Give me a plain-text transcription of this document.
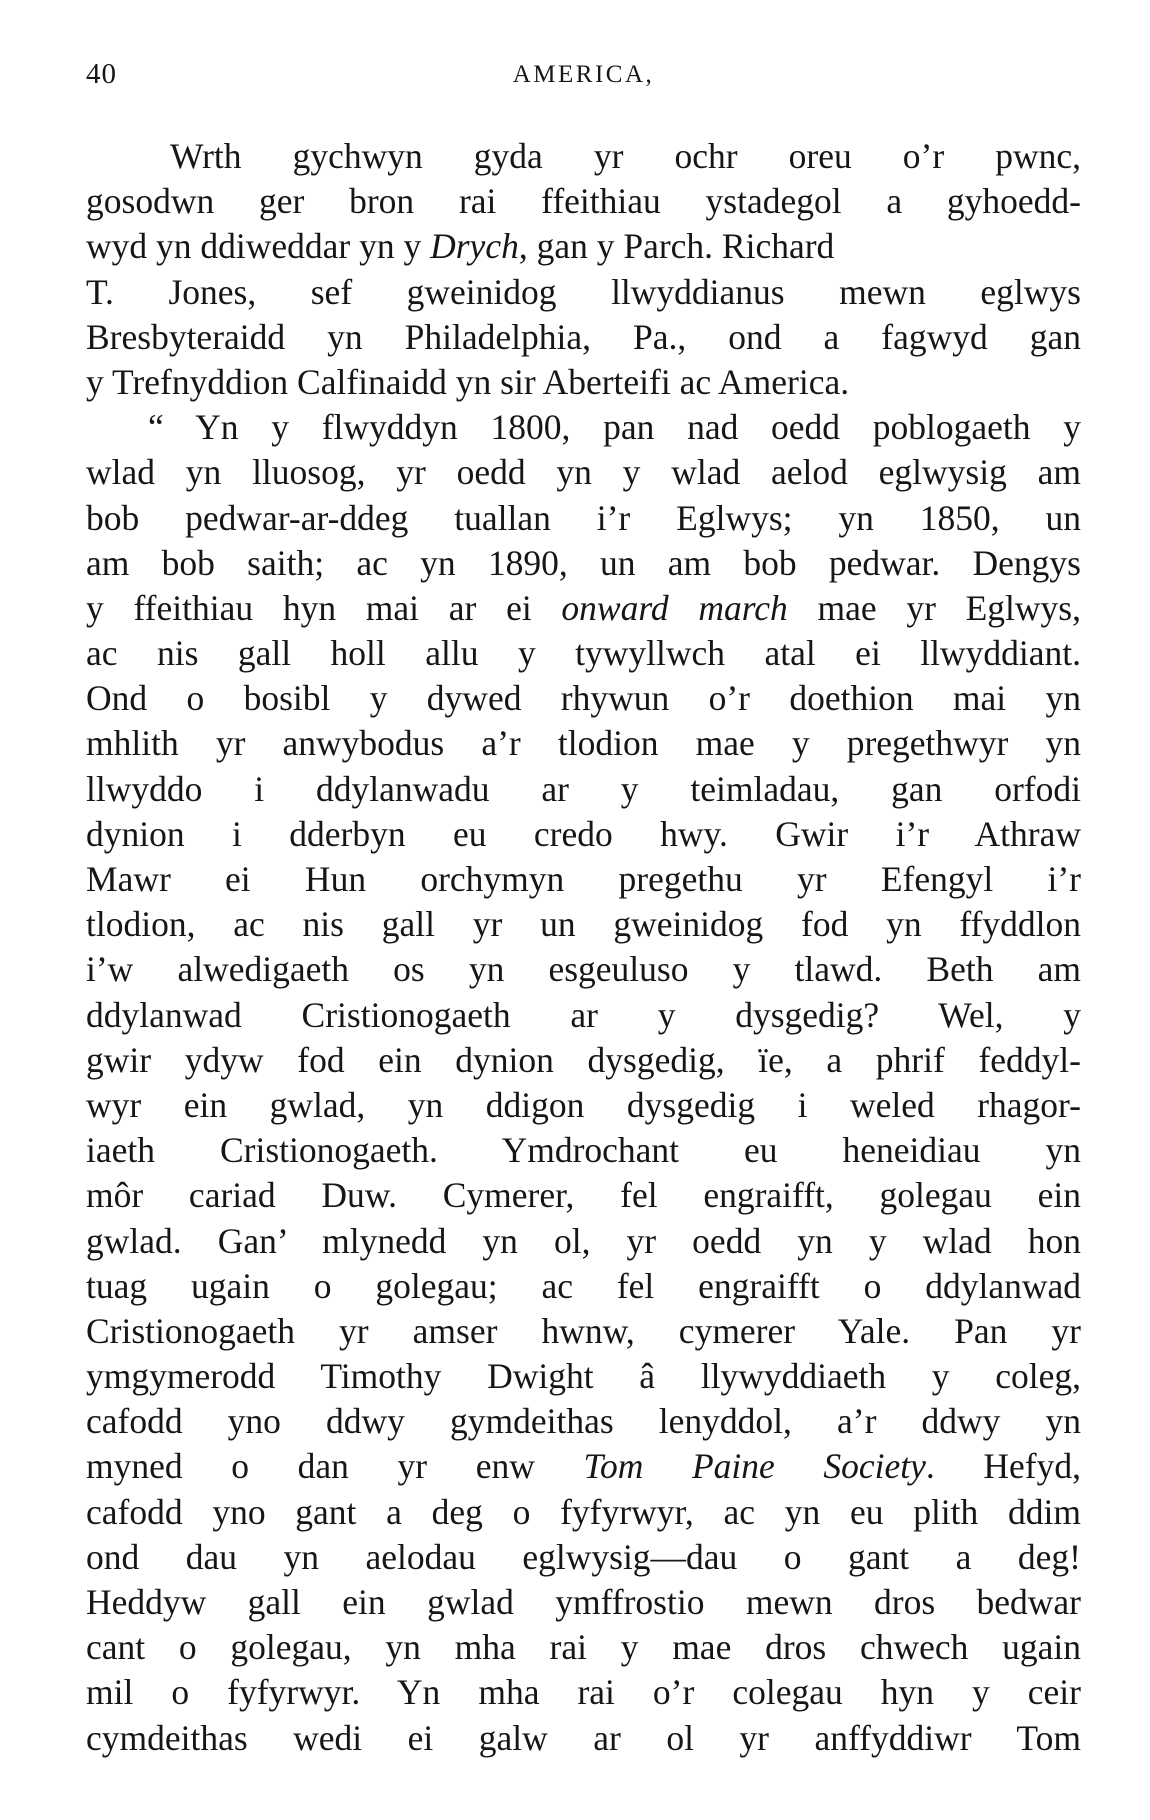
40	AMERICA,
Wrth gychwyn gyda yr ochr oreu o’r pwnc,
gosodwn ger bron rai ffeithiau ystadegol a gyhoedd-
wyd yn ddiweddar yn y Drych, gan y Parch. Richard
T. Jones, sef gweinidog llwyddianus mewn eglwys
Bresbyteraidd yn Philadelphia, Pa., ond a fagwyd gan
y Trefnyddion Calfinaidd yn sir Aberteifi ac America.
“ Yn y flwyddyn 1800, pan nad oedd poblogaeth y
wlad yn lluosog, yr oedd yn y wlad aelod eglwysig am
bob pedwar-ar-ddeg tuallan i’r Eglwys; yn 1850, un
am bob saith; ac yn 1890, un am bob pedwar. Dengys
y ffeithiau hyn mai ar ei onward march mae yr Eglwys,
ac nis gall holl allu y tywyllwch atal ei llwyddiant.
Ond o bosibl y dywed rhywun o’r doethion mai yn
mhlith yr anwybodus a’r tlodion mae y pregethwyr yn
llwyddo i ddylanwadu ar y teimladau, gan orfodi
dynion i dderbyn eu credo hwy. Gwir i’r Athraw
Mawr ei Hun orchymyn pregethu yr Efengyl i’r
tlodion, ac nis gall yr un gweinidog fod yn ffyddlon
i’w alwedigaeth os yn esgeuluso y tlawd. Beth am
ddylanwad Cristionogaeth ar y dysgedig? Wel, y
gwir ydyw fod ein dynion dysgedig, ïe, a phrif feddyl-
wyr ein gwlad, yn ddigon dysgedig i weled rhagor-
iaeth Cristionogaeth. Ymdrochant eu heneidiau yn
môr cariad Duw. Cymerer, fel engraifft, golegau ein
gwlad. Gan’ mlynedd yn ol, yr oedd yn y wlad hon
tuag ugain o golegau; ac fel engraifft o ddylanwad
Cristionogaeth yr amser hwnw, cymerer Yale. Pan yr
ymgymerodd Timothy Dwight â llywyddiaeth y coleg,
cafodd yno ddwy gymdeithas lenyddol, a’r ddwy yn
myned o dan yr enw Tom Paine Society. Hefyd,
cafodd yno gant a deg o fyfyrwyr, ac yn eu plith ddim
ond dau yn aelodau eglwysig—dau o gant a deg!
Heddyw gall ein gwlad ymffrostio mewn dros bedwar
cant o golegau, yn mha rai y mae dros chwech ugain
mil o fyfyrwyr. Yn mha rai o’r colegau hyn y ceir
cymdeithas wedi ei galw ar ol yr anffyddiwr Tom
